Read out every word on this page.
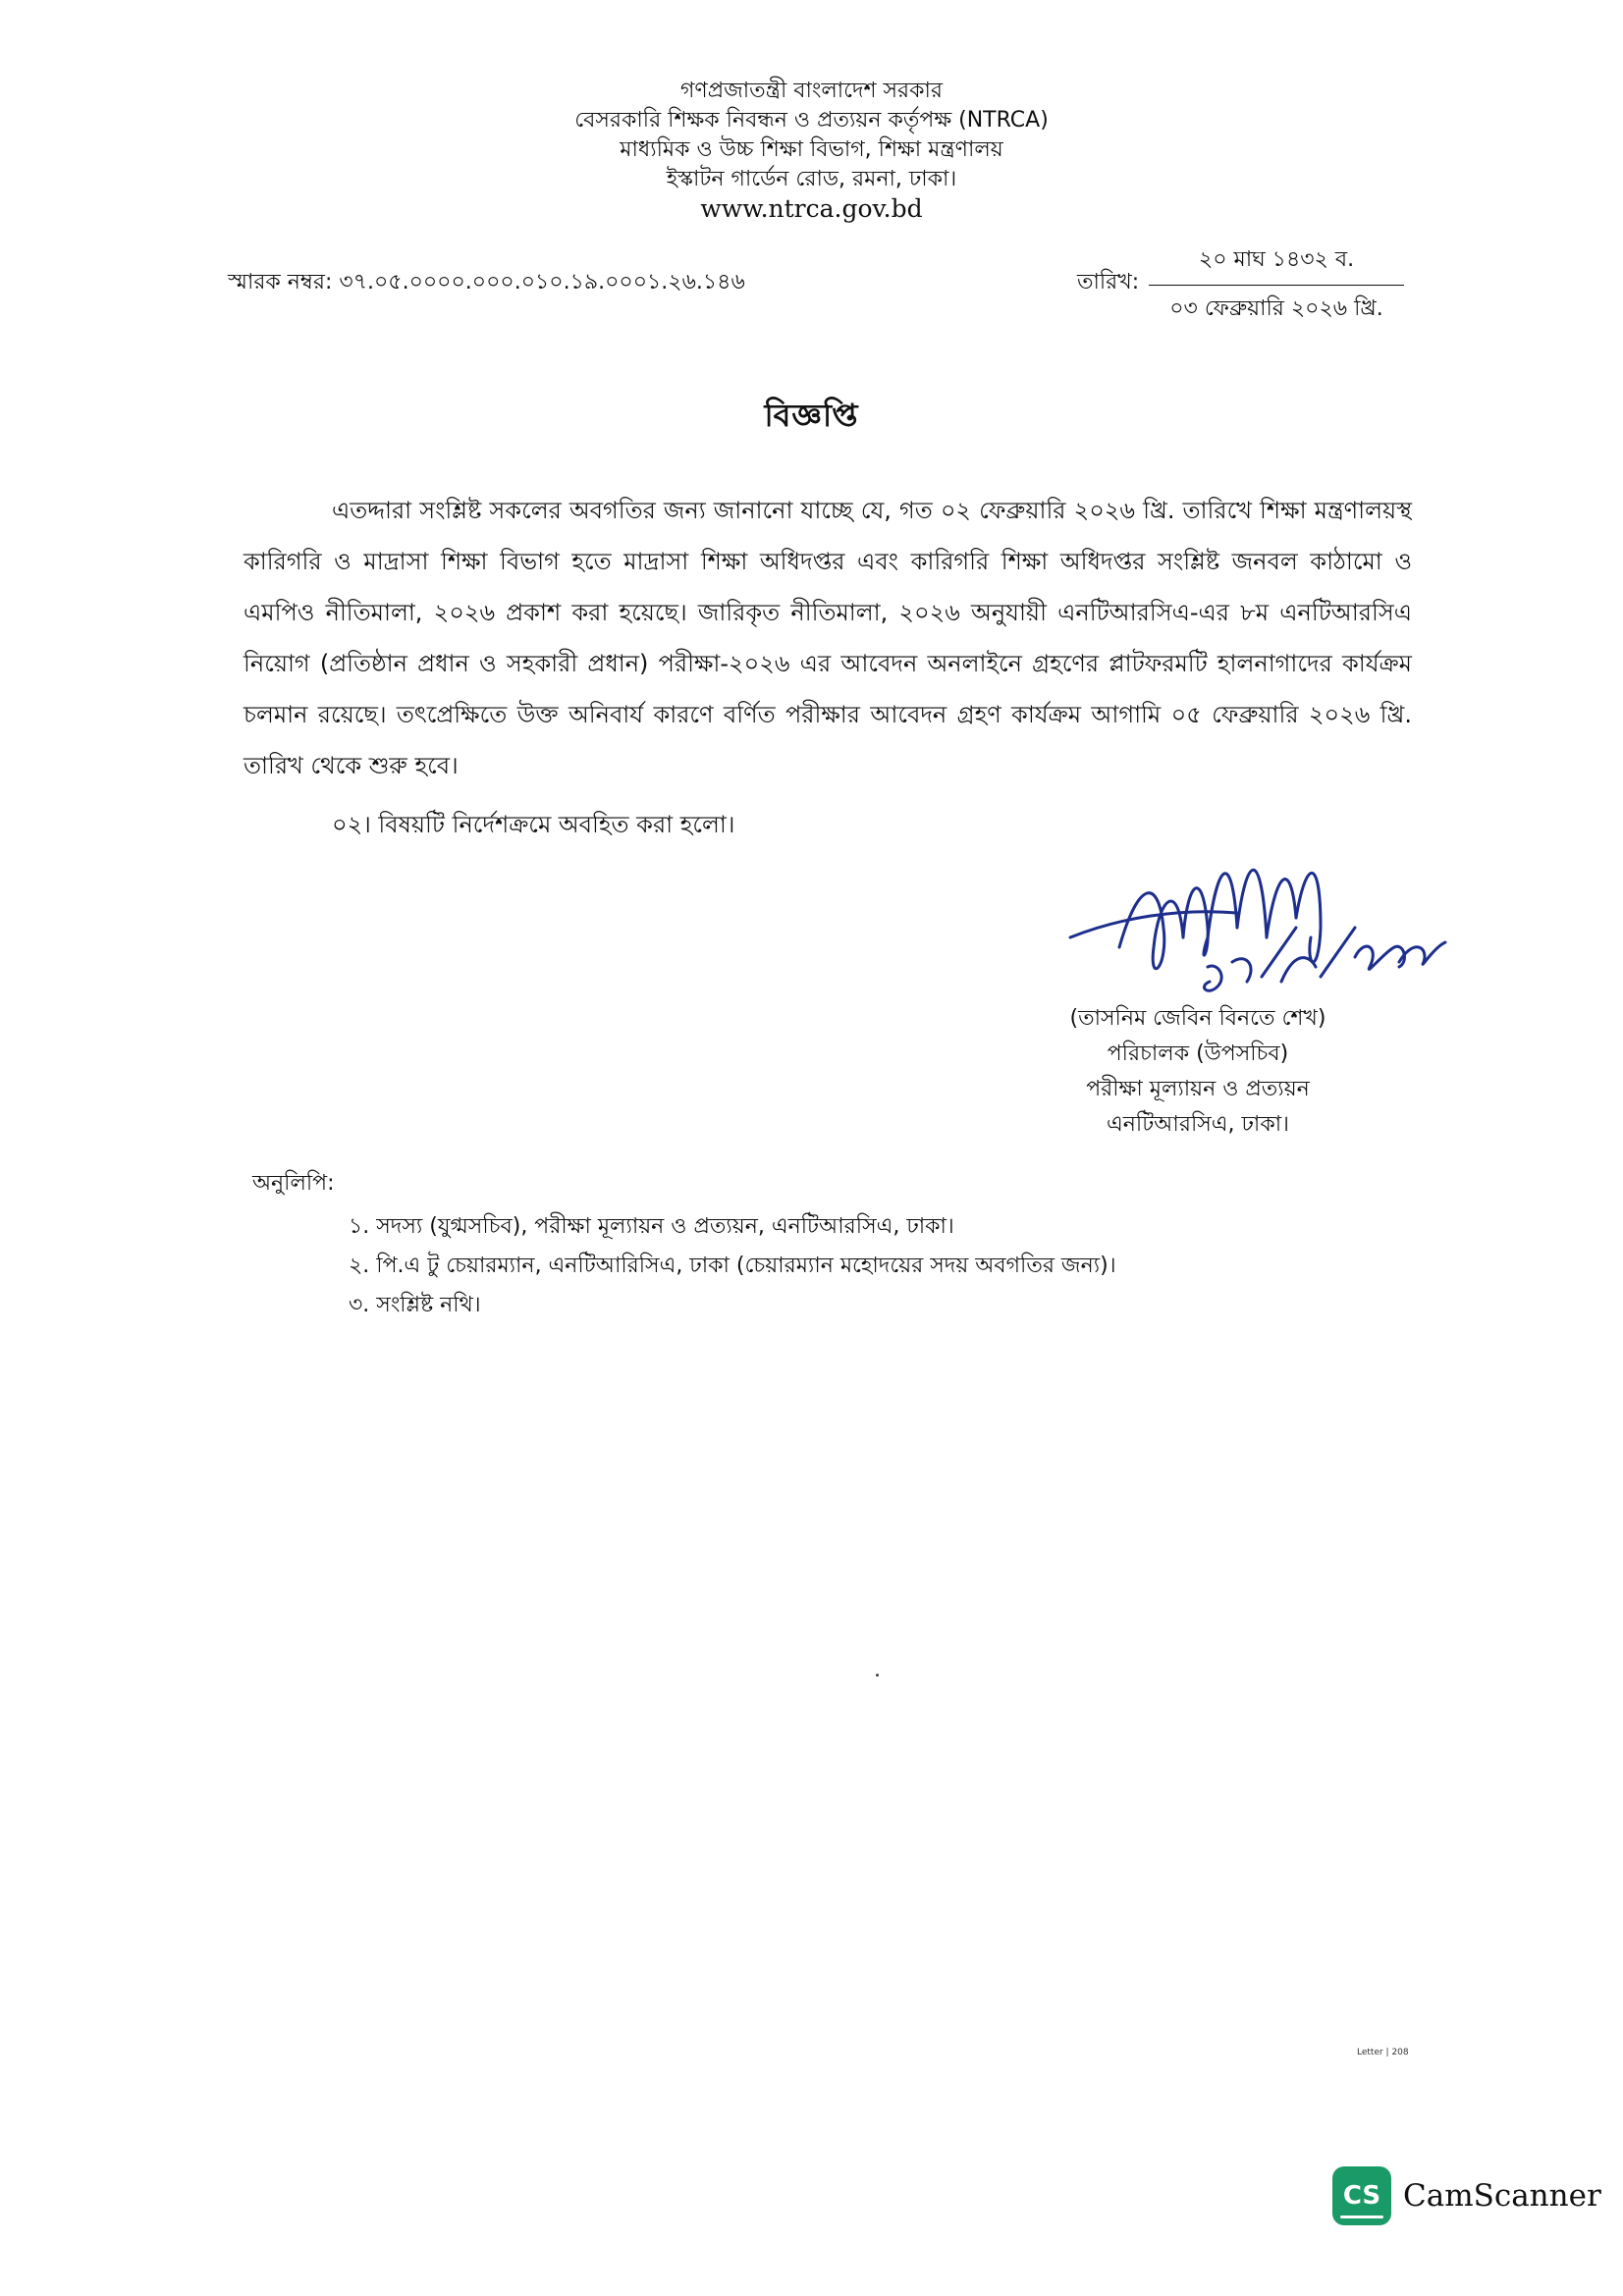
গণপ্রজাতন্ত্রী বাংলাদেশ সরকার
বেসরকারি শিক্ষক নিবন্ধন ও প্রত্যয়ন কর্তৃপক্ষ (NTRCA)
মাধ্যমিক ও উচ্চ শিক্ষা বিভাগ, শিক্ষা মন্ত্রণালয়
ইস্কাটন গার্ডেন রোড, রমনা, ঢাকা।
www.ntrca.gov.bd
স্মারক নম্বর: ৩৭.০৫.০০০০.০০০.০১০.১৯.০০০১.২৬.১৪৬	তারিখ:
২০ মাঘ ১৪৩২ ব.
০৩ ফেব্রুয়ারি ২০২৬ খ্রি.
বিজ্ঞপ্তি
এতদ্দারা সংশ্লিষ্ট সকলের অবগতির জন্য জানানো যাচ্ছে যে, গত ০২ ফেব্রুয়ারি ২০২৬ খ্রি. তারিখে শিক্ষা মন্ত্রণালয়স্থ কারিগরি ও মাদ্রাসা শিক্ষা বিভাগ হতে মাদ্রাসা শিক্ষা অধিদপ্তর এবং কারিগরি শিক্ষা অধিদপ্তর সংশ্লিষ্ট জনবল কাঠামো ও এমপিও নীতিমালা, ২০২৬ প্রকাশ করা হয়েছে। জারিকৃত নীতিমালা, ২০২৬ অনুযায়ী এনটিআরসিএ-এর ৮ম এনটিআরসিএ নিয়োগ (প্রতিষ্ঠান প্রধান ও সহকারী প্রধান) পরীক্ষা-২০২৬ এর আবেদন অনলাইনে গ্রহণের প্লাটফরমটি হালনাগাদের কার্যক্রম চলমান রয়েছে। তৎপ্রেক্ষিতে উক্ত অনিবার্য কারণে বর্ণিত পরীক্ষার আবেদন গ্রহণ কার্যক্রম আগামি ০৫ ফেব্রুয়ারি ২০২৬ খ্রি. তারিখ থেকে শুরু হবে।
০২। বিষয়টি নির্দেশক্রমে অবহিত করা হলো।
(তাসনিম জেবিন বিনতে শেখ)
পরিচালক (উপসচিব)
পরীক্ষা মূল্যায়ন ও প্রত্যয়ন
এনটিআরসিএ, ঢাকা।
অনুলিপি:
১. সদস্য (যুগ্মসচিব), পরীক্ষা মূল্যায়ন ও প্রত্যয়ন, এনটিআরসিএ, ঢাকা।
২. পি.এ টু চেয়ারম্যান, এনটিআরিসিএ, ঢাকা (চেয়ারম্যান মহোদয়ের সদয় অবগতির জন্য)।
৩. সংশ্লিষ্ট নথি।
Letter | 208
CS CamScanner
